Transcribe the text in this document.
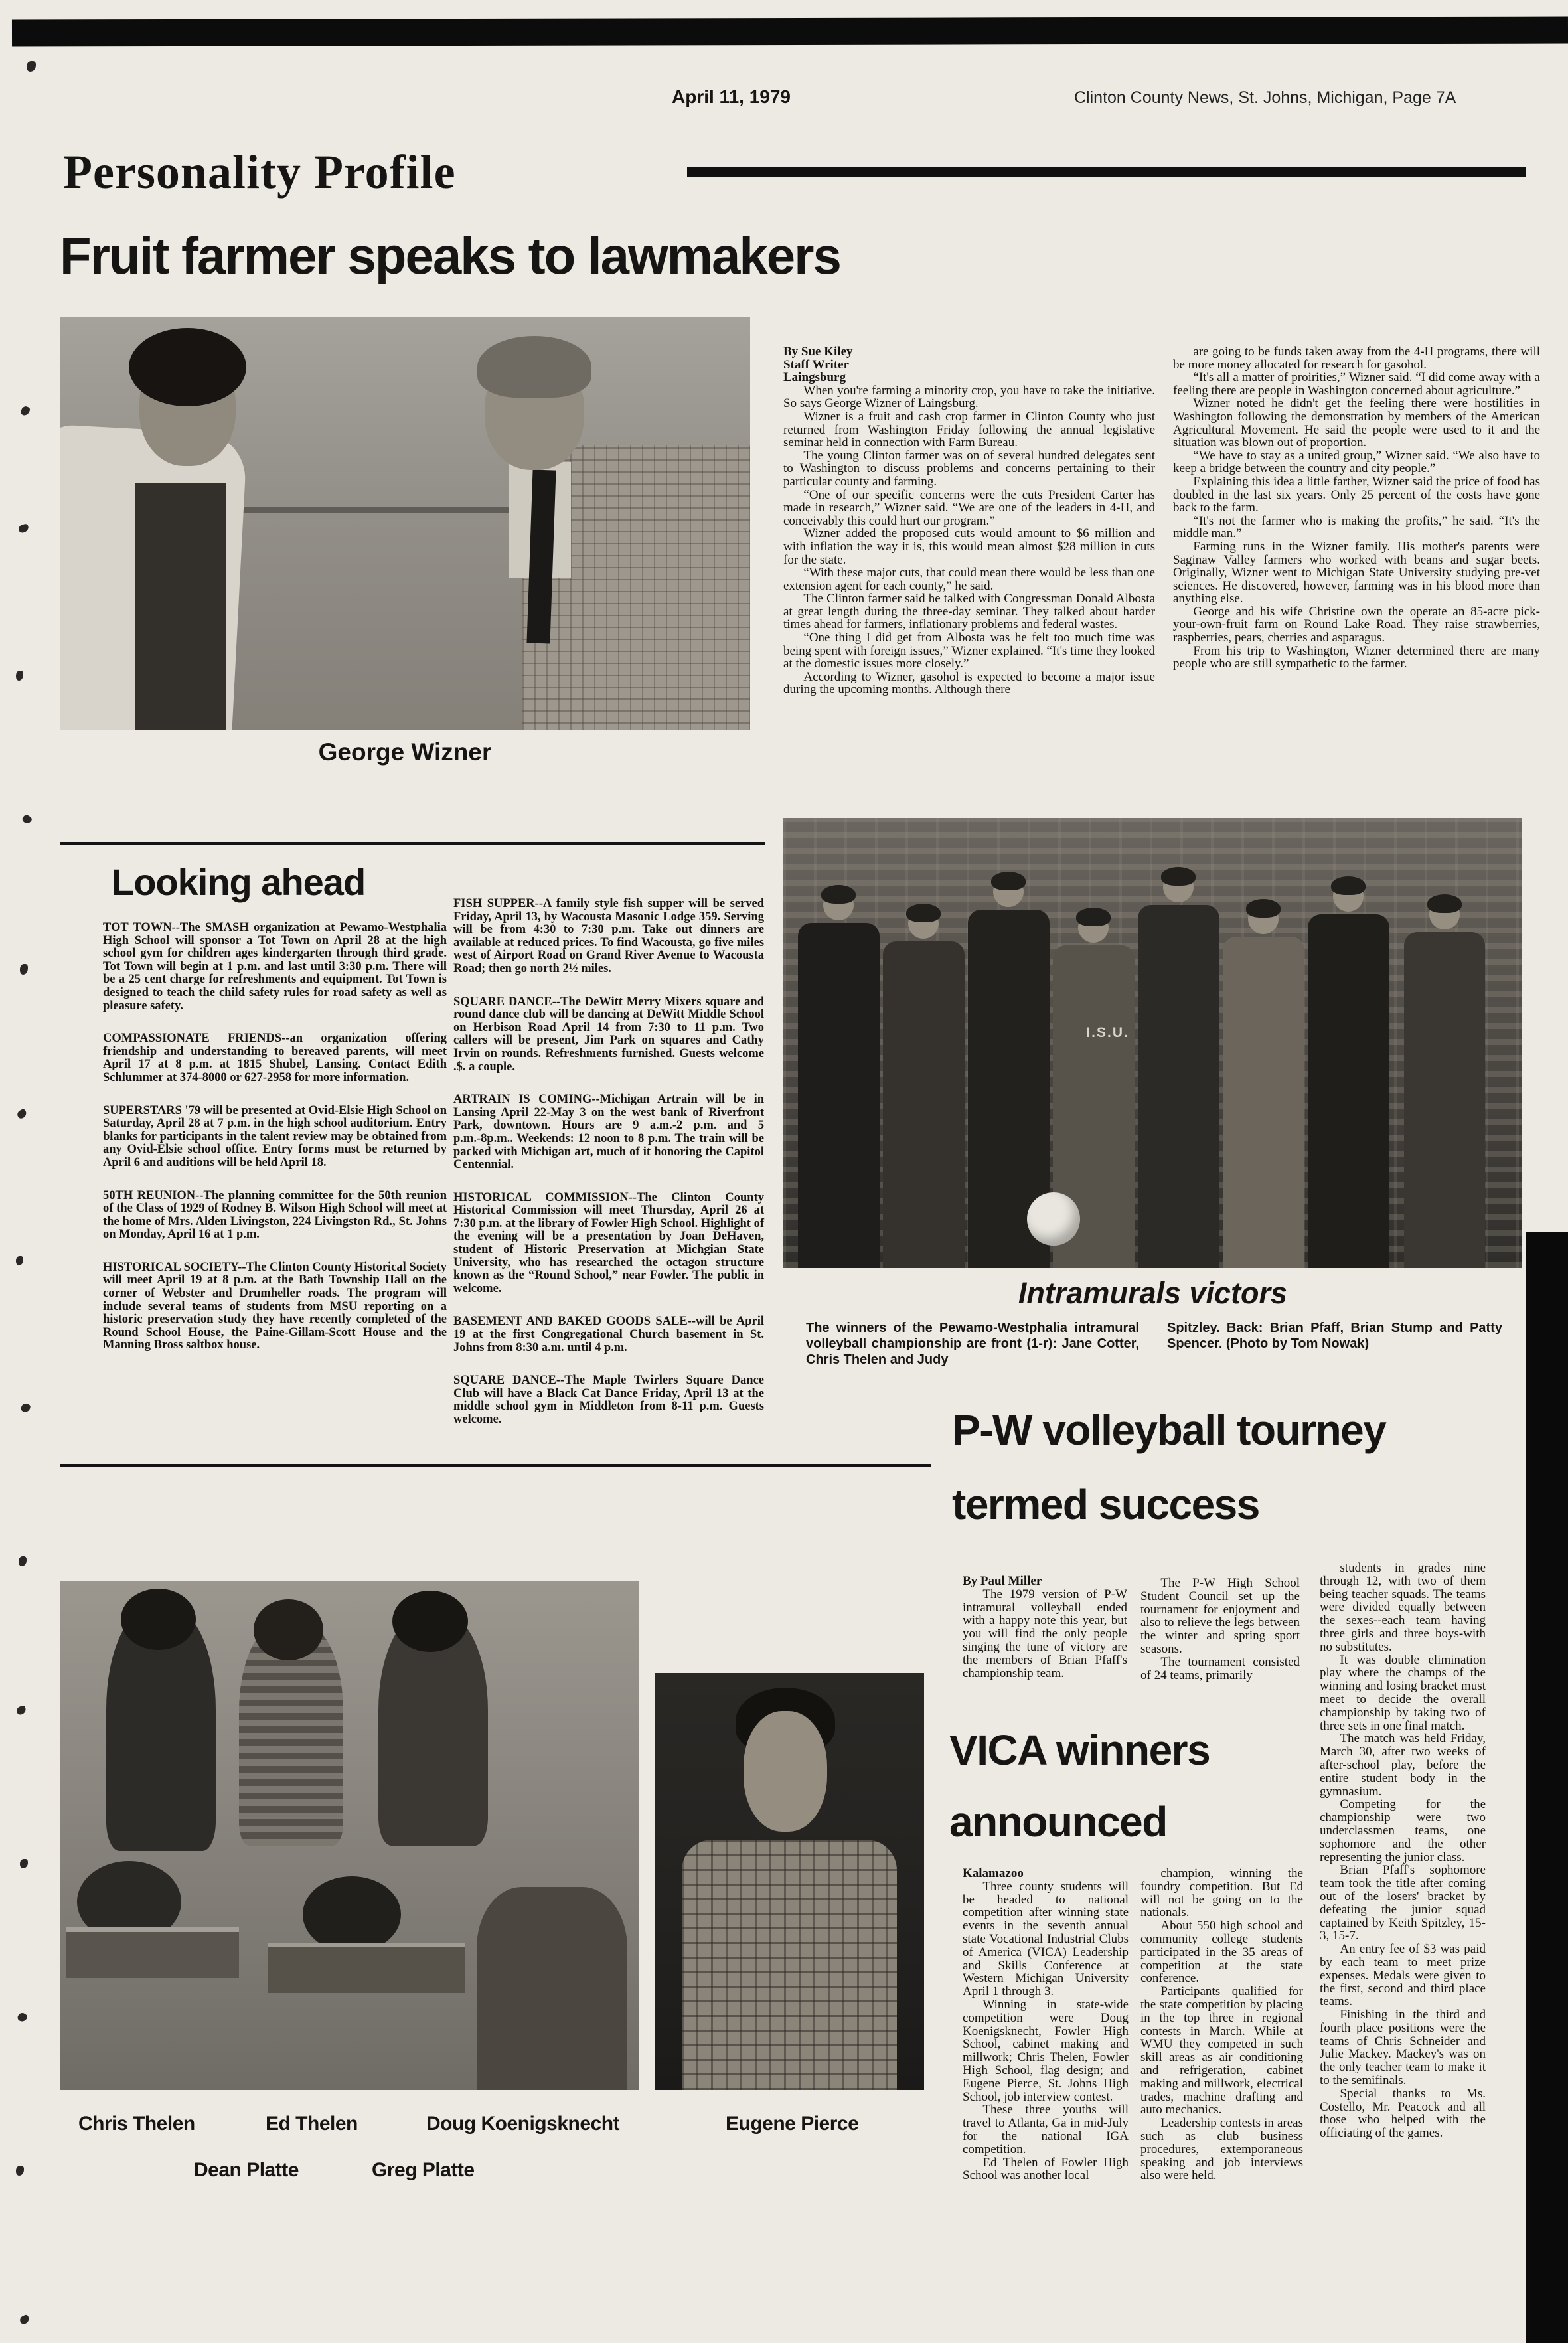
April 11, 1979	Clinton County News, St. Johns, Michigan, Page 7A
Personality Profile
Fruit farmer speaks to lawmakers
George Wizner

By Sue Kiley

Staff Writer

Laingsburg

When you're farming a minority crop, you have to take the initiative. So says George Wizner of Laingsburg.

Wizner is a fruit and cash crop farmer in Clinton County who just returned from Washington Friday following the annual legislative seminar held in connection with Farm Bureau.

The young Clinton farmer was on of several hundred delegates sent to Washington to discuss problems and concerns pertaining to their particular county and farming.

“One of our specific concerns were the cuts President Carter has made in research,” Wizner said. “We are one of the leaders in 4-H, and conceivably this could hurt our program.”

Wizner added the proposed cuts would amount to $6 million and with inflation the way it is, this would mean almost $28 million in cuts for the state.

“With these major cuts, that could mean there would be less than one extension agent for each county,” he said.

The Clinton farmer said he talked with Congressman Donald Albosta at great length during the three-day seminar. They talked about harder times ahead for farmers, inflationary problems and federal wastes.

“One thing I did get from Albosta was he felt too much time was being spent with foreign issues,” Wizner explained. “It's time they looked at the domestic issues more closely.”

According to Wizner, gasohol is expected to become a major issue during the upcoming months. Although there

are going to be funds taken away from the 4-H programs, there will be more money allocated for research for gasohol.

“It's all a matter of proirities,” Wizner said. “I did come away with a feeling there are people in Washington concerned about agriculture.”

Wizner noted he didn't get the feeling there were hostilities in Washington following the demonstration by members of the American Agricultural Movement. He said the people were used to it and the situation was blown out of proportion.

“We have to stay as a united group,” Wizner said. “We also have to keep a bridge between the country and city people.”

Explaining this idea a little farther, Wizner said the price of food has doubled in the last six years. Only 25 percent of the costs have gone back to the farm.

“It's not the farmer who is making the profits,” he said. “It's the middle man.”

Farming runs in the Wizner family. His mother's parents were Saginaw Valley farmers who worked with beans and sugar beets. Originally, Wizner went to Michigan State University studying pre-vet sciences. He discovered, however, farming was in his blood more than anything else.

George and his wife Christine own the operate an 85-acre pick-your-own-fruit farm on Round Lake Road. They raise strawberries, raspberries, pears, cherries and asparagus.

From his trip to Washington, Wizner determined there are many people who are still sympathetic to the farmer.

Looking ahead

TOT TOWN--The SMASH organization at Pewamo-Westphalia High School will sponsor a Tot Town on April 28 at the high school gym for children ages kindergarten through third grade. Tot Town will begin at 1 p.m. and last until 3:30 p.m. There will be a 25 cent charge for refreshments and equipment. Tot Town is designed to teach the child safety rules for road safety as well as pleasure safety.

COMPASSIONATE FRIENDS--an organization offering friendship and understanding to bereaved parents, will meet April 17 at 8 p.m. at 1815 Shubel, Lansing. Contact Edith Schlummer at 374-8000 or 627-2958 for more information.

SUPERSTARS '79 will be presented at Ovid-Elsie High School on Saturday, April 28 at 7 p.m. in the high school auditorium. Entry blanks for participants in the talent review may be obtained from any Ovid-Elsie school office. Entry forms must be returned by April 6 and auditions will be held April 18.

50TH REUNION--The planning committee for the 50th reunion of the Class of 1929 of Rodney B. Wilson High School will meet at the home of Mrs. Alden Livingston, 224 Livingston Rd., St. Johns on Monday, April 16 at 1 p.m.

HISTORICAL SOCIETY--The Clinton County Historical Society will meet April 19 at 8 p.m. at the Bath Township Hall on the corner of Webster and Drumheller roads. The program will include several teams of students from MSU reporting on a historic preservation study they have recently completed of the Round School House, the Paine-Gillam-Scott House and the Manning Bross saltbox house.

FISH SUPPER--A family style fish supper will be served Friday, April 13, by Wacousta Masonic Lodge 359. Serving will be from 4:30 to 7:30 p.m. Take out dinners are available at reduced prices. To find Wacousta, go five miles west of Airport Road on Grand River Avenue to Wacousta Road; then go north 2½ miles.

SQUARE DANCE--The DeWitt Merry Mixers square and round dance club will be dancing at DeWitt Middle School on Herbison Road April 14 from 7:30 to 11 p.m. Two callers will be present, Jim Park on squares and Cathy Irvin on rounds. Refreshments furnished. Guests welcome .$. a couple.

ARTRAIN IS COMING--Michigan Artrain will be in Lansing April 22-May 3 on the west bank of Riverfront Park, downtown. Hours are 9 a.m.-2 p.m. and 5 p.m.-8p.m.. Weekends: 12 noon to 8 p.m. The train will be packed with Michigan art, much of it honoring the Capitol Centennial.

HISTORICAL COMMISSION--The Clinton County Historical Commission will meet Thursday, April 26 at 7:30 p.m. at the library of Fowler High School. Highlight of the evening will be a presentation by Joan DeHaven, student of Historic Preservation at Michgian State University, who has researched the octagon structure known as the “Round School,” near Fowler. The public in welcome.

BASEMENT AND BAKED GOODS SALE--will be April 19 at the first Congregational Church basement in St. Johns from 8:30 a.m. until 4 p.m.

SQUARE DANCE--The Maple Twirlers Square Dance Club will have a Black Cat Dance Friday, April 13 at the middle school gym in Middleton from 8-11 p.m. Guests welcome.

I.S.U.
Intramurals victors
The winners of the Pewamo-Westphalia intramural volleyball championship are front (1-r): Jane Cotter, Chris Thelen and Judy
Spitzley. Back: Brian Pfaff, Brian Stump and Patty Spencer. (Photo by Tom Nowak)
P-W volleyball tourney
termed success

By Paul Miller

The 1979 version of P-W intramural volleyball ended with a happy note this year, but you will find the only people singing the tune of victory are the members of Brian Pfaff's championship team.

The P-W High School Student Council set up the tournament for enjoyment and also to relieve the legs between the winter and spring sport seasons.

The tournament consisted of 24 teams, primarily

students in grades nine through 12, with two of them being teacher squads. The teams were divided equally between the sexes--each team having three girls and three boys-with no substitutes.

It was double elimination play where the champs of the winning and losing bracket must meet to decide the overall championship by taking two of three sets in one final match.

The match was held Friday, March 30, after two weeks of after-school play, before the entire student body in the gymnasium.

Competing for the championship were two underclassmen teams, one sophomore and the other representing the junior class.

Brian Pfaff's sophomore team took the title after coming out of the losers' bracket by defeating the junior squad captained by Keith Spitzley, 15-3, 15-7.

An entry fee of $3 was paid by each team to meet prize expenses. Medals were given to the first, second and third place teams.

Finishing in the third and fourth place positions were the teams of Chris Schneider and Julie Mackey. Mackey's was on the only teacher team to make it to the semifinals.

Special thanks to Ms. Costello, Mr. Peacock and all those who helped with the officiating of the games.

VICA winners
announced

Kalamazoo

Three county students will be headed to national competition after winning state events in the seventh annual state Vocational Industrial Clubs of America (VICA) Leadership and Skills Conference at Western Michigan University April 1 through 3.

Winning in state-wide competition were Doug Koenigsknecht, Fowler High School, cabinet making and millwork; Chris Thelen, Fowler High School, flag design; and Eugene Pierce, St. Johns High School, job interview contest.

These three youths will travel to Atlanta, Ga in mid-July for the national IGA competition.

Ed Thelen of Fowler High School was another local

champion, winning the foundry competition. But Ed will not be going on to the nationals.

About 550 high school and community college students participated in the 35 areas of competition at the state conference.

Participants qualified for the state competition by placing in the top three in regional contests in March. While at WMU they competed in such skill areas as air conditioning and refrigeration, cabinet making and millwork, electrical trades, machine drafting and auto mechanics.

Leadership contests in areas such as club business procedures, extemporaneous speaking and job interviews also were held.

Chris Thelen	Ed Thelen	Doug Koenigsknecht	Eugene Pierce
Dean Platte	Greg Platte
